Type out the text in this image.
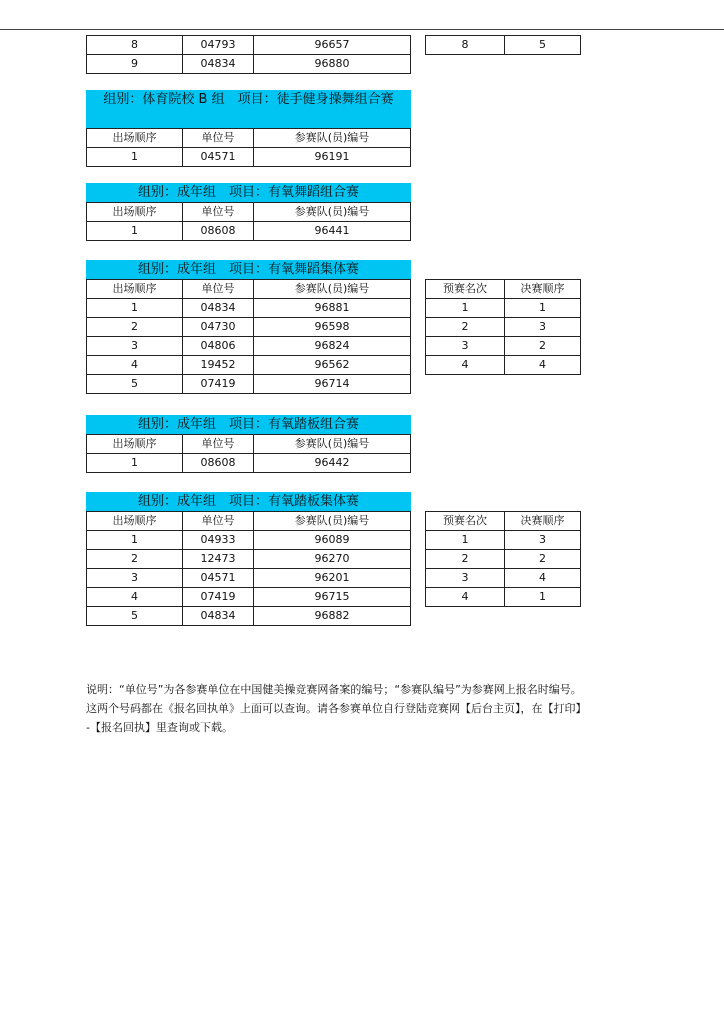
8	04793	96657
9	04834	96880
8	5
组别：体育院校 B 组　项目：徒手健身操舞组合赛
出场顺序	单位号	参赛队(员)编号
1	04571	96191
组别：成年组　项目：有氧舞蹈组合赛
出场顺序	单位号	参赛队(员)编号
1	08608	96441
组别：成年组　项目：有氧舞蹈集体赛
出场顺序	单位号	参赛队(员)编号
1	04834	96881
2	04730	96598
3	04806	96824
4	19452	96562
5	07419	96714
预赛名次	决赛顺序
1	1
2	3
3	2
4	4
组别：成年组　项目：有氧踏板组合赛
出场顺序	单位号	参赛队(员)编号
1	08608	96442
组别：成年组　项目：有氧踏板集体赛
出场顺序	单位号	参赛队(员)编号
1	04933	96089
2	12473	96270
3	04571	96201
4	07419	96715
5	04834	96882
预赛名次	决赛顺序
1	3
2	2
3	4
4	1

说明：“单位号”为各参赛单位在中国健美操竞赛网备案的编号；“参赛队编号”为参赛网上报名时编号。

这两个号码都在《报名回执单》上面可以查询。请各参赛单位自行登陆竞赛网【后台主页】，在【打印】

-【报名回执】里查询或下载。
